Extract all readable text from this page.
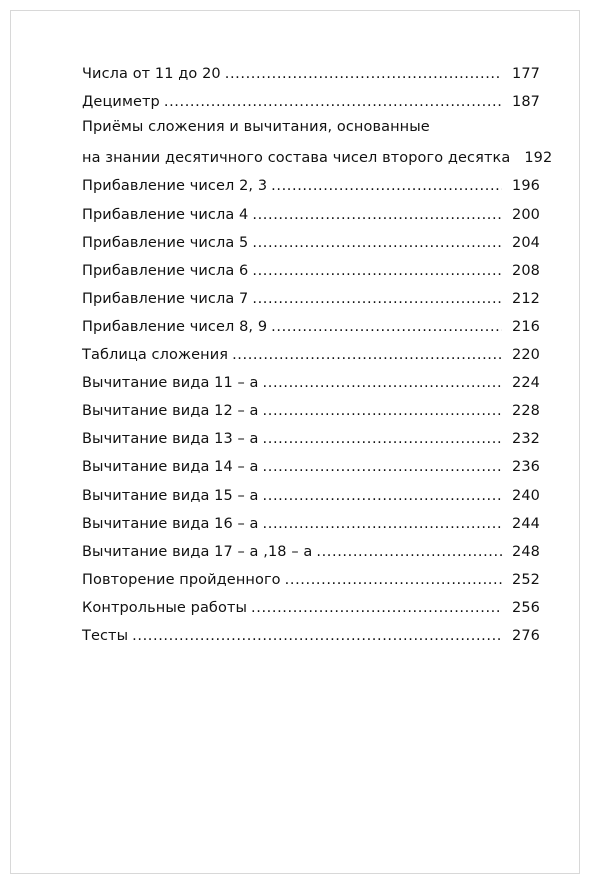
Числа от 11 до 20 .....	177
Дециметр .....	187
Приёмы сложения и вычитания, основанные
на знании десятичного состава чисел второго десятка 192
Прибавление чисел 2, 3 .....	196
Прибавление числа 4 .....	200
Прибавление числа 5 .....	204
Прибавление числа 6 .....	208
Прибавление числа 7 .....	212
Прибавление чисел 8, 9 .....	216
Таблица сложения .....	220
Вычитание вида 11 – а .....	224
Вычитание вида 12 – а .....	228
Вычитание вида 13 – а .....	232
Вычитание вида 14 – а .....	236
Вычитание вида 15 – а .....	240
Вычитание вида 16 – а .....	244
Вычитание вида 17 – а ,18 – а .....	248
Повторение пройденного .....	252
Контрольные работы .....	256
Тесты .....	276
